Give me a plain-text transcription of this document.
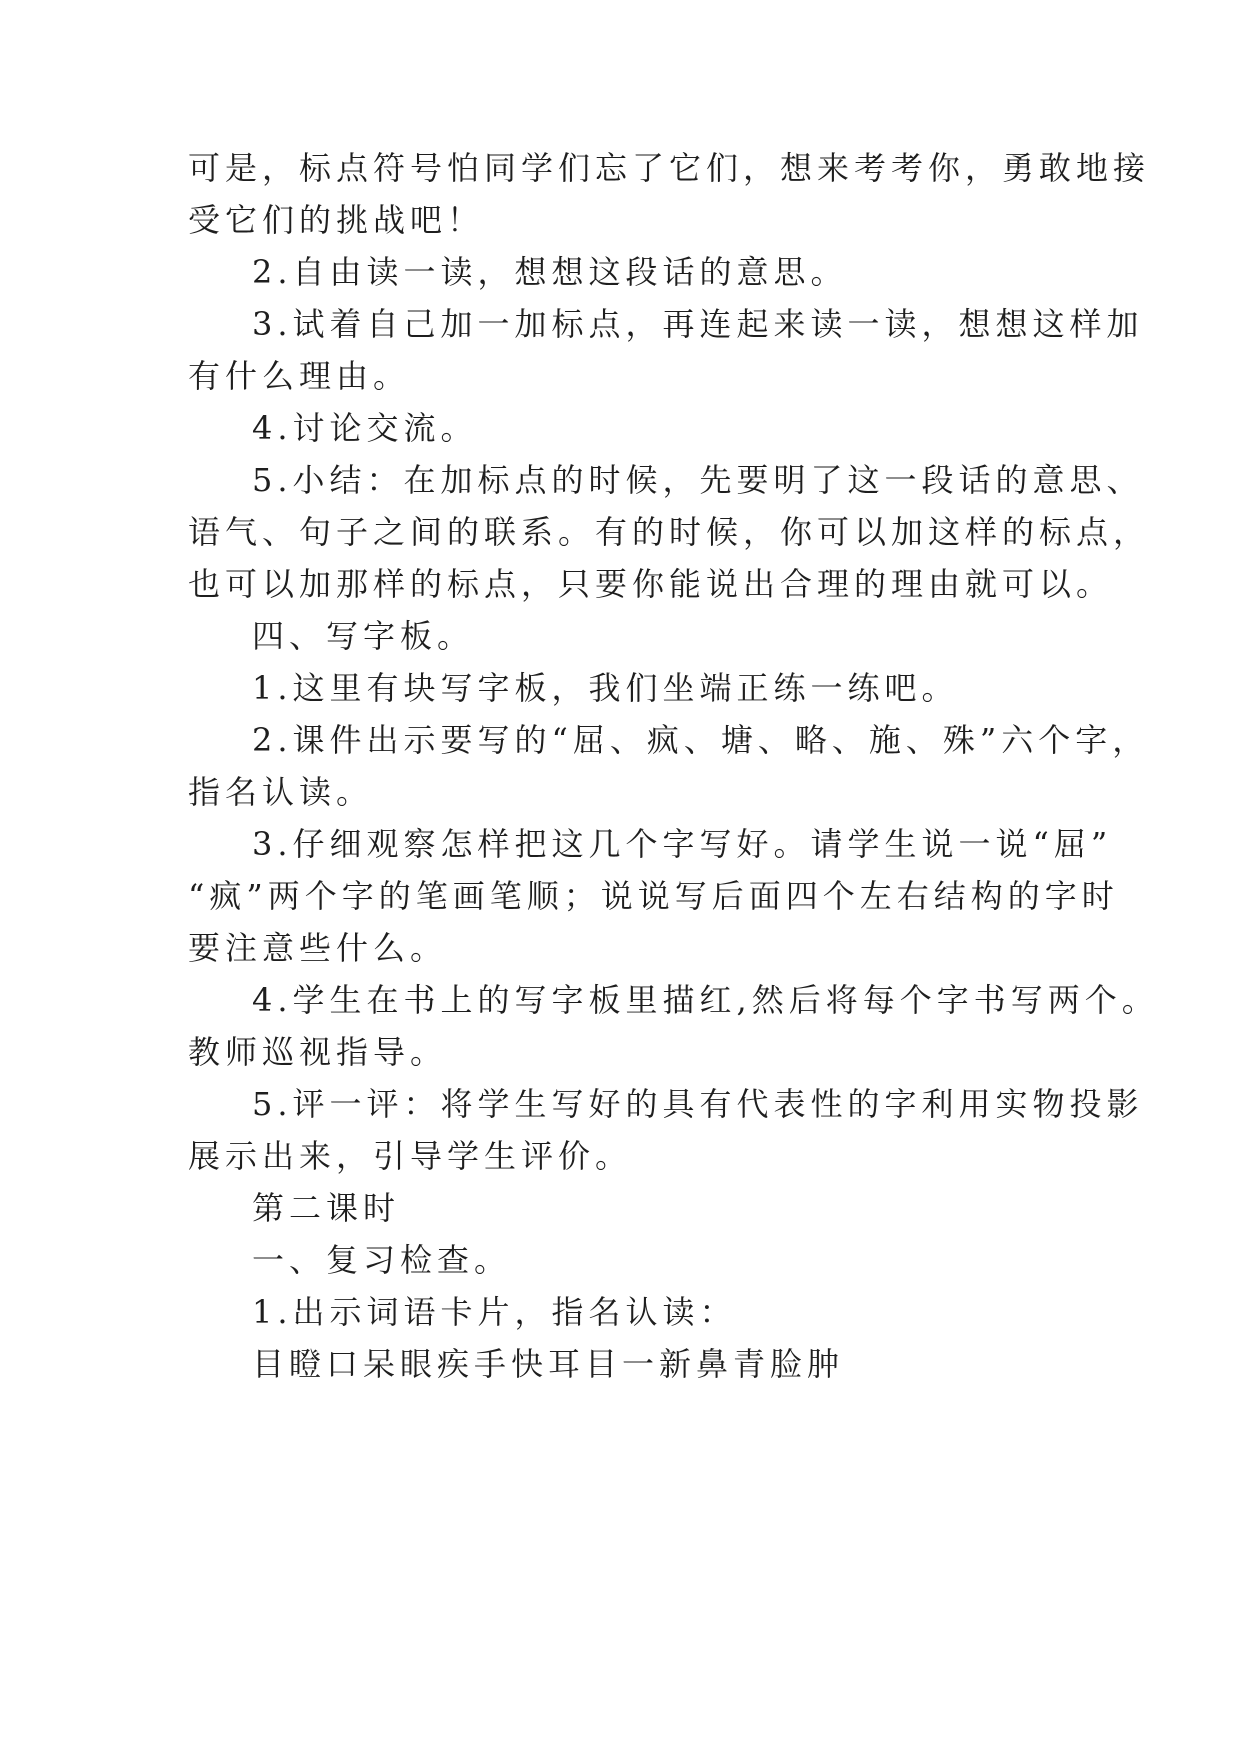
可是，标点符号怕同学们忘了它们，想来考考你，勇敢地接

受它们的挑战吧！

2.自由读一读，想想这段话的意思。

3.试着自己加一加标点，再连起来读一读，想想这样加

有什么理由。

4.讨论交流。

5.小结：在加标点的时候，先要明了这一段话的意思、

语气、句子之间的联系。有的时候，你可以加这样的标点，

也可以加那样的标点，只要你能说出合理的理由就可以。

四、写字板。

1.这里有块写字板，我们坐端正练一练吧。

2.课件出示要写的“屈、疯、塘、略、施、殊”六个字，

指名认读。

3.仔细观察怎样把这几个字写好。请学生说一说“屈”

“疯”两个字的笔画笔顺；说说写后面四个左右结构的字时

要注意些什么。

4.学生在书上的写字板里描红,然后将每个字书写两个。

教师巡视指导。

5.评一评：将学生写好的具有代表性的字利用实物投影

展示出来，引导学生评价。

第二课时

一、复习检查。

1.出示词语卡片，指名认读：

目瞪口呆眼疾手快耳目一新鼻青脸肿
